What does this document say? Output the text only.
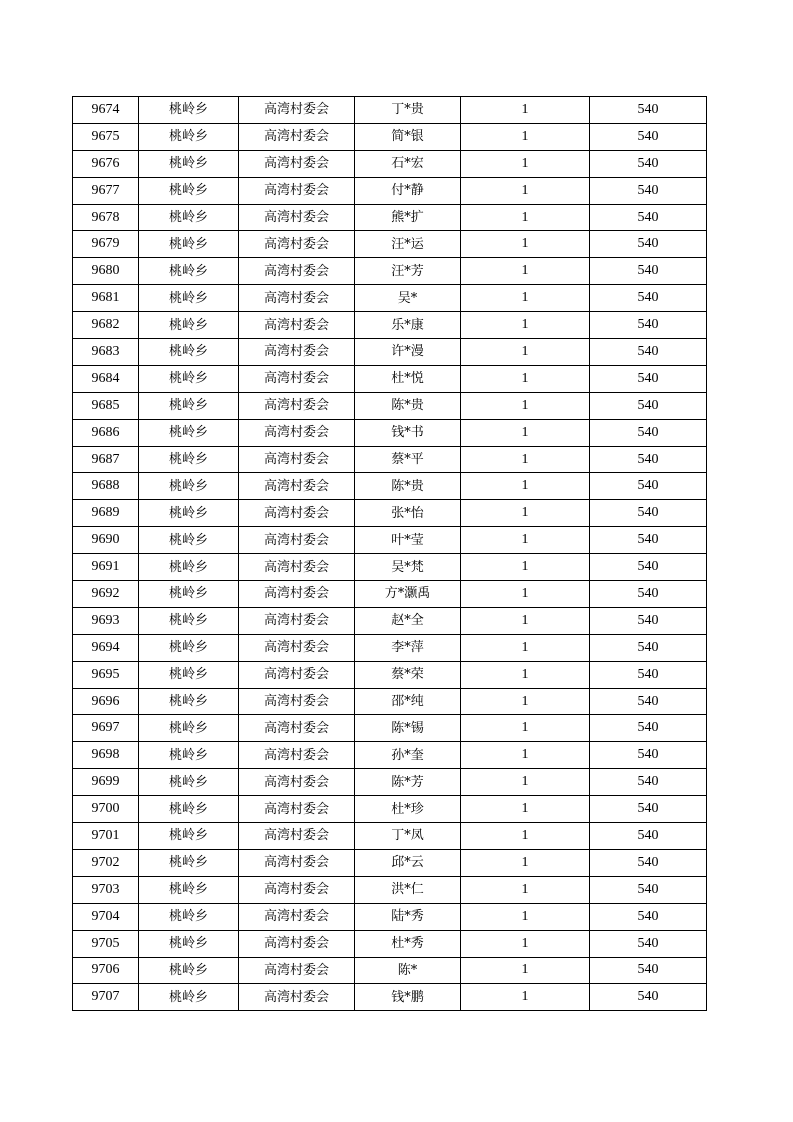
9674	桃岭乡	高湾村委会	丁*贵	1	540
9675	桃岭乡	高湾村委会	简*银	1	540
9676	桃岭乡	高湾村委会	石*宏	1	540
9677	桃岭乡	高湾村委会	付*静	1	540
9678	桃岭乡	高湾村委会	熊*扩	1	540
9679	桃岭乡	高湾村委会	汪*运	1	540
9680	桃岭乡	高湾村委会	汪*芳	1	540
9681	桃岭乡	高湾村委会	吴*	1	540
9682	桃岭乡	高湾村委会	乐*康	1	540
9683	桃岭乡	高湾村委会	许*漫	1	540
9684	桃岭乡	高湾村委会	杜*悦	1	540
9685	桃岭乡	高湾村委会	陈*贵	1	540
9686	桃岭乡	高湾村委会	钱*书	1	540
9687	桃岭乡	高湾村委会	蔡*平	1	540
9688	桃岭乡	高湾村委会	陈*贵	1	540
9689	桃岭乡	高湾村委会	张*怡	1	540
9690	桃岭乡	高湾村委会	叶*莹	1	540
9691	桃岭乡	高湾村委会	吴*梵	1	540
9692	桃岭乡	高湾村委会	方*灏禹	1	540
9693	桃岭乡	高湾村委会	赵*全	1	540
9694	桃岭乡	高湾村委会	李*萍	1	540
9695	桃岭乡	高湾村委会	蔡*荣	1	540
9696	桃岭乡	高湾村委会	邵*纯	1	540
9697	桃岭乡	高湾村委会	陈*锡	1	540
9698	桃岭乡	高湾村委会	孙*奎	1	540
9699	桃岭乡	高湾村委会	陈*芳	1	540
9700	桃岭乡	高湾村委会	杜*珍	1	540
9701	桃岭乡	高湾村委会	丁*凤	1	540
9702	桃岭乡	高湾村委会	邱*云	1	540
9703	桃岭乡	高湾村委会	洪*仁	1	540
9704	桃岭乡	高湾村委会	陆*秀	1	540
9705	桃岭乡	高湾村委会	杜*秀	1	540
9706	桃岭乡	高湾村委会	陈*	1	540
9707	桃岭乡	高湾村委会	钱*鹏	1	540
